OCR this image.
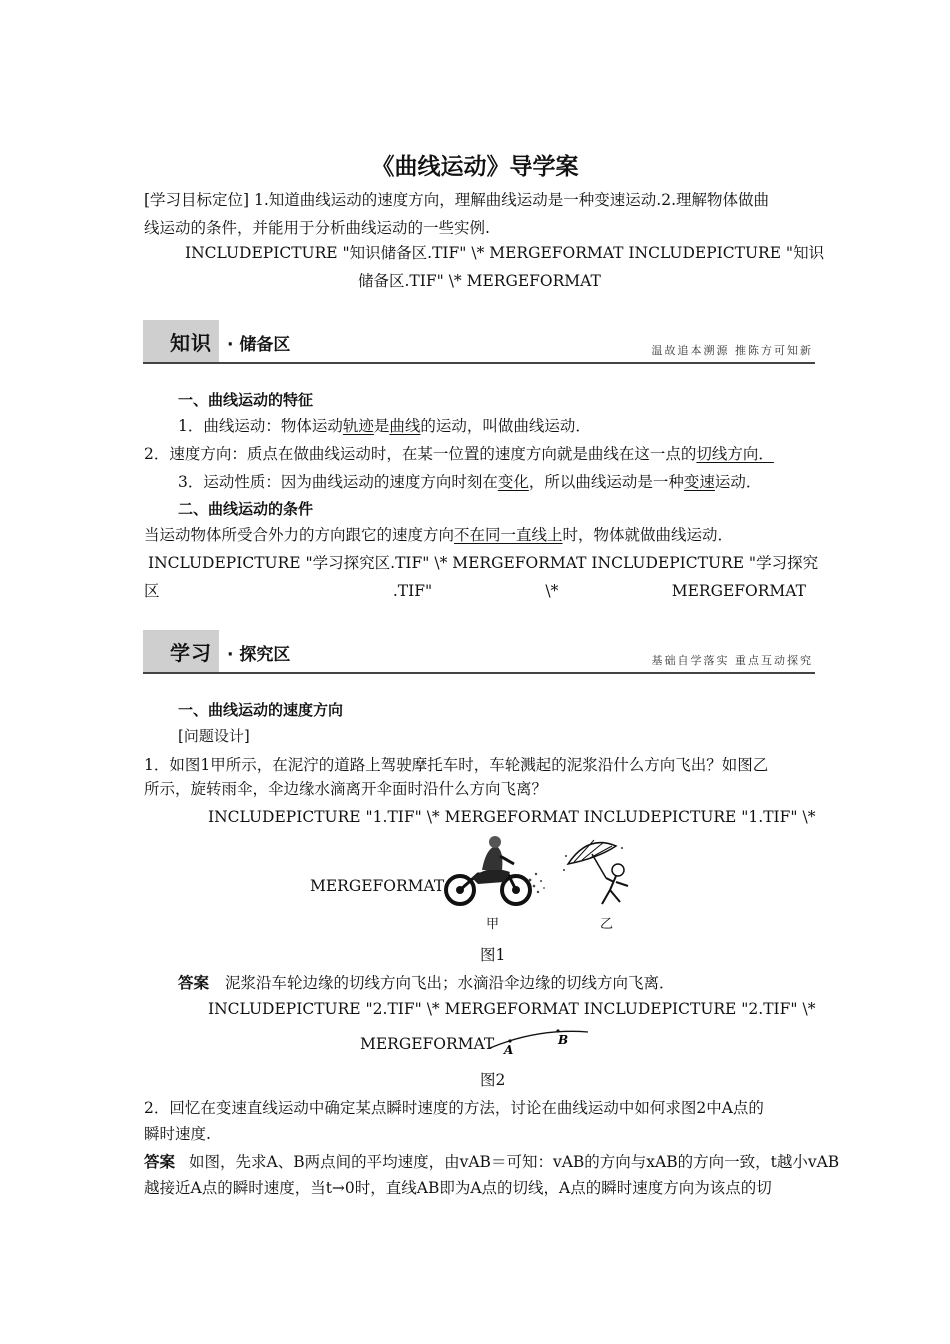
《曲线运动》导学案
[学习目标定位] 1.知道曲线运动的速度方向，理解曲线运动是一种变速运动.2.理解物体做曲
线运动的条件，并能用于分析曲线运动的一些实例.
INCLUDEPICTURE "知识储备区.TIF" \* MERGEFORMAT INCLUDEPICTURE "知识
储备区.TIF" \* MERGEFORMAT
知识 · 储备区	温故追本溯源 推陈方可知新
一、曲线运动的特征
1．曲线运动：物体运动轨迹是曲线的运动，叫做曲线运动．
2．速度方向：质点在做曲线运动时，在某一位置的速度方向就是曲线在这一点的切线方向．
3．运动性质：因为曲线运动的速度方向时刻在变化，所以曲线运动是一种变速运动．
二、曲线运动的条件
当运动物体所受合外力的方向跟它的速度方向不在同一直线上时，物体就做曲线运动．
INCLUDEPICTURE "学习探究区.TIF" \* MERGEFORMAT INCLUDEPICTURE "学习探究
区	.TIF"	\*	MERGEFORMAT
学习 · 探究区	基础自学落实 重点互动探究
一、曲线运动的速度方向
[问题设计]
1．如图1甲所示，在泥泞的道路上驾驶摩托车时，车轮溅起的泥浆沿什么方向飞出？如图乙
所示，旋转雨伞，伞边缘水滴离开伞面时沿什么方向飞离？
INCLUDEPICTURE "1.TIF" \* MERGEFORMAT INCLUDEPICTURE "1.TIF" \*
MERGEFORMAT
甲	乙
图1
答案 泥浆沿车轮边缘的切线方向飞出；水滴沿伞边缘的切线方向飞离．
INCLUDEPICTURE "2.TIF" \* MERGEFORMAT INCLUDEPICTURE "2.TIF" \*
MERGEFORMAT A
B
图2
2．回忆在变速直线运动中确定某点瞬时速度的方法，讨论在曲线运动中如何求图2中A点的
瞬时速度.
答案 如图，先求A、B两点间的平均速度，由vAB＝可知：vAB的方向与xAB的方向一致，t越小vAB
越接近A点的瞬时速度，当t→0时，直线AB即为A点的切线，A点的瞬时速度方向为该点的切
